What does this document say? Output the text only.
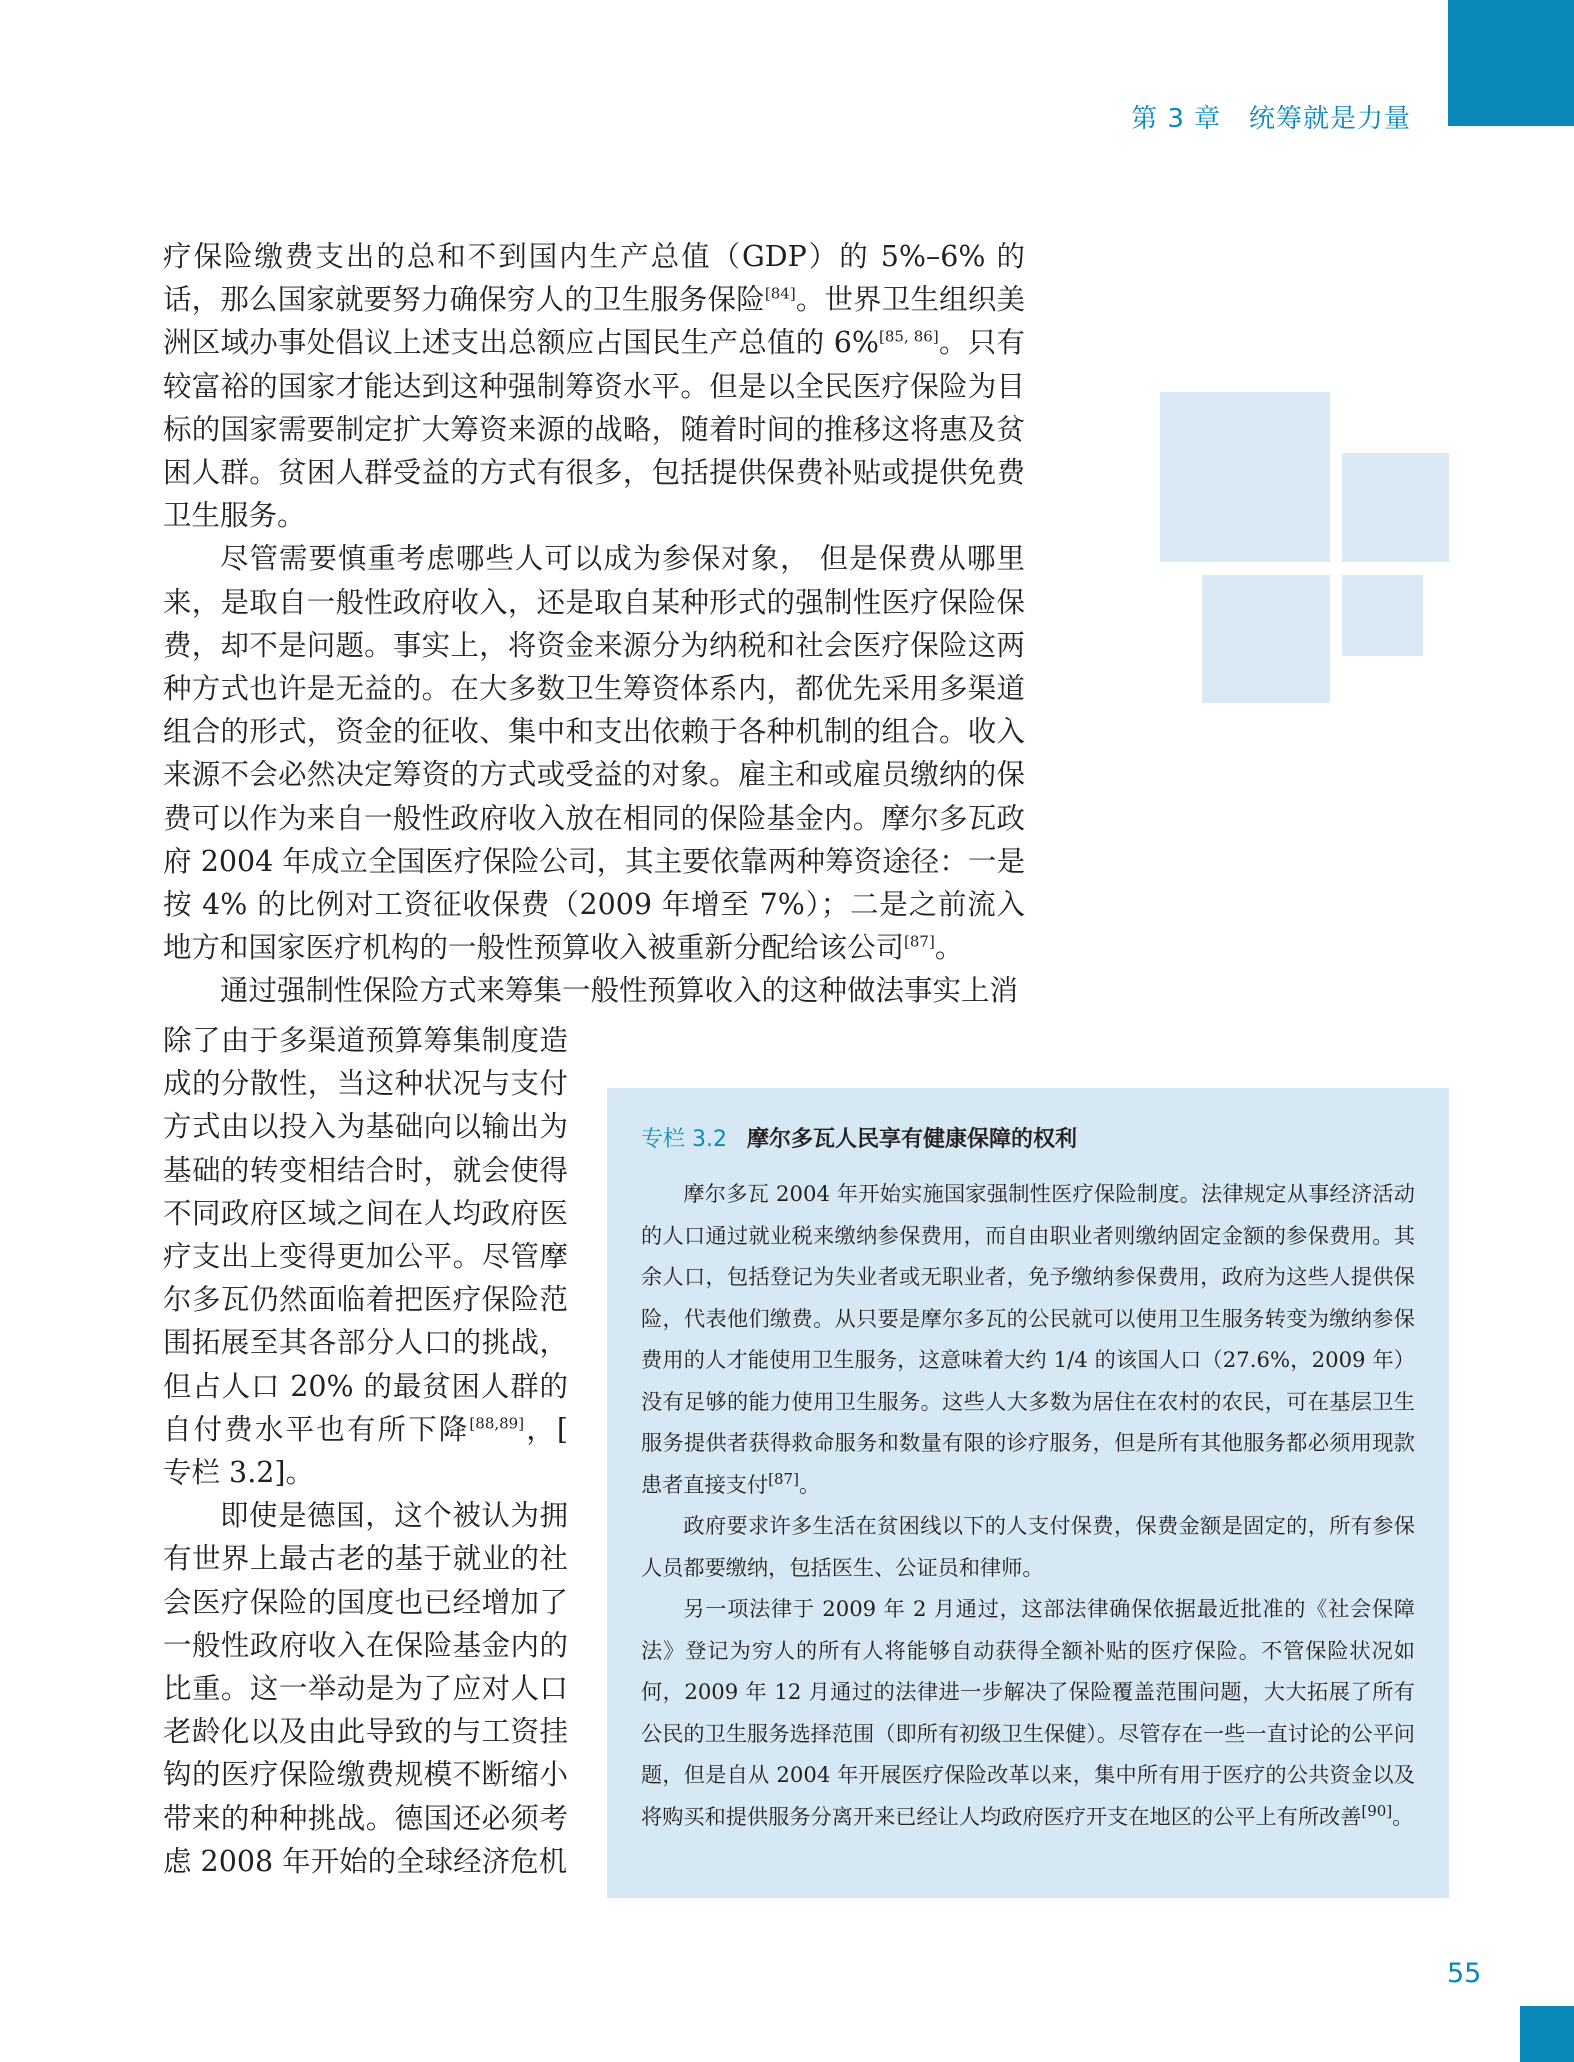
第 3 章 统筹就是力量

疗保险缴费支出的总和不到国内生产总值（GDP）的 5%–6% 的话，那么国家就要努力确保穷人的卫生服务保险[84]。世界卫生组织美洲区域办事处倡议上述支出总额应占国民生产总值的 6%[85, 86]。只有较富裕的国家才能达到这种强制筹资水平。但是以全民医疗保险为目标的国家需要制定扩大筹资来源的战略，随着时间的推移这将惠及贫困人群。贫困人群受益的方式有很多，包括提供保费补贴或提供免费卫生服务。

尽管需要慎重考虑哪些人可以成为参保对象， 但是保费从哪里来，是取自一般性政府收入，还是取自某种形式的强制性医疗保险保费，却不是问题。事实上，将资金来源分为纳税和社会医疗保险这两种方式也许是无益的。在大多数卫生筹资体系内，都优先采用多渠道组合的形式，资金的征收、集中和支出依赖于各种机制的组合。收入来源不会必然决定筹资的方式或受益的对象。雇主和或雇员缴纳的保费可以作为来自一般性政府收入放在相同的保险基金内。摩尔多瓦政府 2004 年成立全国医疗保险公司，其主要依靠两种筹资途径：一是按 4% 的比例对工资征收保费（2009 年增至 7%）；二是之前流入地方和国家医疗机构的一般性预算收入被重新分配给该公司[87]。

通过强制性保险方式来筹集一般性预算收入的这种做法事实上消

除了由于多渠道预算筹集制度造成的分散性，当这种状况与支付方式由以投入为基础向以输出为基础的转变相结合时，就会使得不同政府区域之间在人均政府医疗支出上变得更加公平。尽管摩尔多瓦仍然面临着把医疗保险范围拓展至其各部分人口的挑战，但占人口 20% 的最贫困人群的自付费水平也有所下降[88,89]，[ 专栏 3.2]。

即使是德国，这个被认为拥有世界上最古老的基于就业的社会医疗保险的国度也已经增加了一般性政府收入在保险基金内的比重。这一举动是为了应对人口老龄化以及由此导致的与工资挂钩的医疗保险缴费规模不断缩小带来的种种挑战。德国还必须考虑 2008 年开始的全球经济危机

专栏 3.2 摩尔多瓦人民享有健康保障的权利

摩尔多瓦 2004 年开始实施国家强制性医疗保险制度。法律规定从事经济活动的人口通过就业税来缴纳参保费用，而自由职业者则缴纳固定金额的参保费用。其余人口，包括登记为失业者或无职业者，免予缴纳参保费用，政府为这些人提供保险，代表他们缴费。从只要是摩尔多瓦的公民就可以使用卫生服务转变为缴纳参保费用的人才能使用卫生服务，这意味着大约 1/4 的该国人口（27.6%，2009 年）没有足够的能力使用卫生服务。这些人大多数为居住在农村的农民，可在基层卫生服务提供者获得救命服务和数量有限的诊疗服务，但是所有其他服务都必须用现款患者直接支付[87]。

政府要求许多生活在贫困线以下的人支付保费，保费金额是固定的，所有参保人员都要缴纳，包括医生、公证员和律师。

另一项法律于 2009 年 2 月通过，这部法律确保依据最近批准的《社会保障法》登记为穷人的所有人将能够自动获得全额补贴的医疗保险。不管保险状况如何，2009 年 12 月通过的法律进一步解决了保险覆盖范围问题，大大拓展了所有公民的卫生服务选择范围（即所有初级卫生保健）。尽管存在一些一直讨论的公平问题，但是自从 2004 年开展医疗保险改革以来，集中所有用于医疗的公共资金以及将购买和提供服务分离开来已经让人均政府医疗开支在地区的公平上有所改善[90]。

55
